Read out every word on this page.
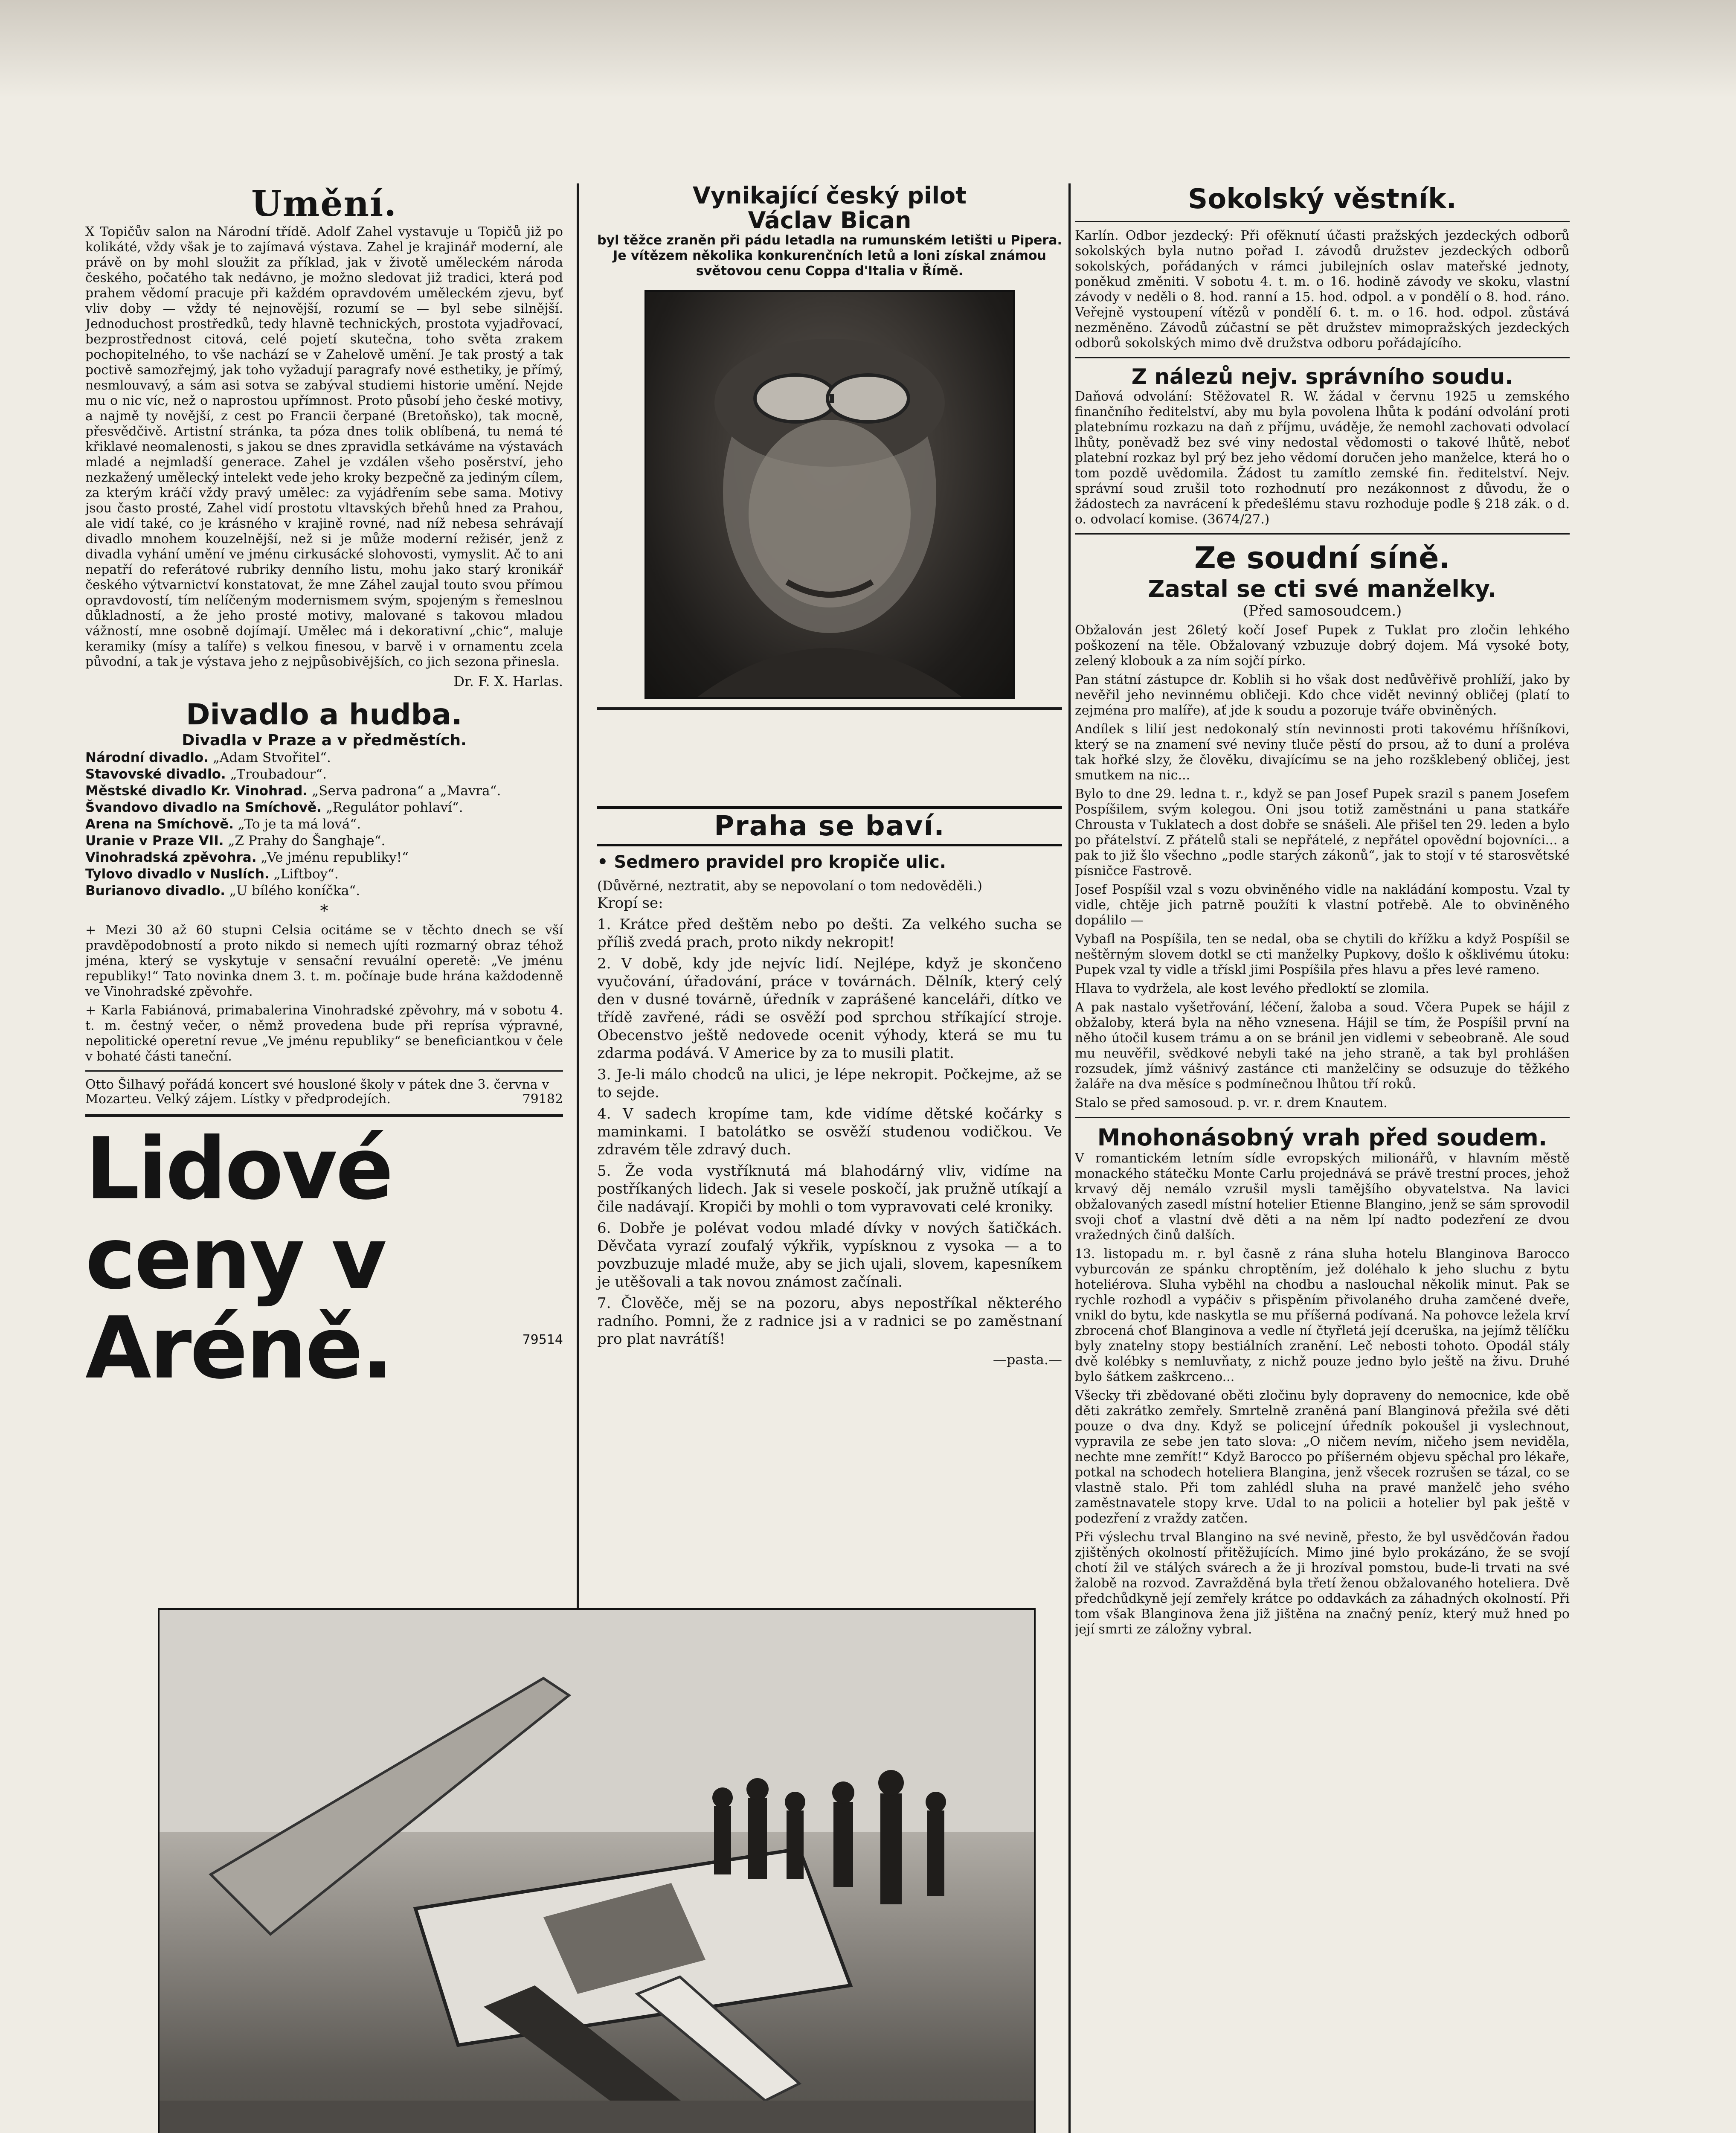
Umění.

X Topičův salon na Národní třídě. Adolf Zahel vystavuje u Topičů již po kolikáté, vždy však je to zajímavá výstava. Zahel je krajinář moderní, ale právě on by mohl sloužit za příklad, jak v životě uměleckém národa českého, počatého tak nedávno, je možno sledovat již tradici, která pod prahem vědomí pracuje při každém opravdovém uměleckém zjevu, byť vliv doby — vždy té nejnovější, rozumí se — byl sebe silnější. Jednoduchost prostředků, tedy hlavně technických, prostota vyjadřovací, bezprostřednost citová, celé pojetí skutečna, toho světa zrakem pochopitelného, to vše nachází se v Zahelově umění. Je tak prostý a tak poctivě samozřejmý, jak toho vyžadují paragrafy nové esthetiky, je přímý, nesmlouvavý, a sám asi sotva se zabýval studiemi historie umění. Nejde mu o nic víc, než o naprostou upřímnost. Proto působí jeho české motivy, a najmě ty novější, z cest po Francii čerpané (Bretoňsko), tak mocně, přesvědčivě. Artistní stránka, ta póza dnes tolik oblíbená, tu nemá té křiklavé neomalenosti, s jakou se dnes zpravidla setkáváme na výstavách mladé a nejmladší generace. Zahel je vzdálen všeho posěrství, jeho nezkažený umělecký intelekt vede jeho kroky bezpečně za jediným cílem, za kterým kráčí vždy pravý umělec: za vyjádřením sebe sama. Motivy jsou často prosté, Zahel vidí prostotu vltavských břehů hned za Prahou, ale vidí také, co je krásného v krajině rovné, nad níž nebesa sehrávají divadlo mnohem kouzelnější, než si je může moderní režisér, jenž z divadla vyhání umění ve jménu cirkusácké slohovosti, vymyslit. Ač to ani nepatří do referátové rubriky denního listu, mohu jako starý kronikář českého výtvarnictví konstatovat, že mne Záhel zaujal touto svou přímou opravdovostí, tím nelíčeným modernismem svým, spojeným s řemeslnou důkladností, a že jeho prosté motivy, malované s takovou mladou vážností, mne osobně dojímají. Umělec má i dekorativní „chic“, maluje keramiky (mísy a talíře) s velkou finesou, v barvě i v ornamentu zcela původní, a tak je výstava jeho z nejpůsobivějších, co jich sezona přinesla.

Dr. F. X. Harlas.
Divadlo a hudba.
Divadla v Praze a v předměstích.
Národní divadlo. „Adam Stvořitel“.
Stavovské divadlo. „Troubadour“.
Městské divadlo Kr. Vinohrad. „Serva padrona“ a „Mavra“.
Švandovo divadlo na Smíchově. „Regulátor pohlaví“.
Arena na Smíchově. „To je ta má lová“.
Uranie v Praze VII. „Z Prahy do Šanghaje“.
Vinohradská zpěvohra. „Ve jménu republiky!“
Tylovo divadlo v Nuslích. „Liftboy“.
Burianovo divadlo. „U bílého koníčka“.
*

+ Mezi 30 až 60 stupni Celsia ocitáme se v těchto dnech se vší pravděpodobností a proto nikdo si nemech ujíti rozmarný obraz téhož jména, který se vyskytuje v sensační revuální operetě: „Ve jménu republiky!“ Tato novinka dnem 3. t. m. počínaje bude hrána každodenně ve Vinohradské zpěvohře.

+ Karla Fabiánová, primabalerina Vinohradské zpěvohry, má v sobotu 4. t. m. čestný večer, o němž provedena bude při reprísa výpravné, nepolitické operetní revue „Ve jménu republiky“ se beneficiantkou v čele v bohaté části taneční.

Otto Šilhavý pořádá koncert své housloné školy v pátek dne 3. června v Mozarteu. Velký zájem. Lístky v předprodejích.	79182
Lidové ceny v
Aréně.	79514
Vynikající český pilot
Václav Bican
byl těžce zraněn při pádu letadla na rumunském letišti u Pipera. Je vítězem několika konkurenčních letů a loni získal známou světovou cenu Coppa d'Italia v Římě.
Praha se baví.
• Sedmero pravidel pro kropiče ulic.
(Důvěrné, neztratit, aby se nepovolaní o tom nedověděli.)

Kropí se:

1. Krátce před deštěm nebo po dešti. Za velkého sucha se příliš zvedá prach, proto nikdy nekropit!

2. V době, kdy jde nejvíc lidí. Nejlépe, když je skončeno vyučování, úřadování, práce v továrnách. Dělník, který celý den v dusné továrně, úředník v zaprášené kanceláři, dítko ve třídě zavřené, rádi se osvěží pod sprchou stříkající stroje. Obecenstvo ještě nedovede ocenit výhody, která se mu tu zdarma podává. V Americe by za to musili platit.

3. Je-li málo chodců na ulici, je lépe nekropit. Počkejme, až se to sejde.

4. V sadech kropíme tam, kde vidíme dětské kočárky s maminkami. I batolátko se osvěží studenou vodičkou. Ve zdravém těle zdravý duch.

5. Že voda vystříknutá má blahodárný vliv, vidíme na postříkaných lidech. Jak si vesele poskočí, jak pružně utíkají a čile nadávají. Kropiči by mohli o tom vypravovati celé kroniky.

6. Dobře je polévat vodou mladé dívky v nových šatičkách. Děvčata vyrazí zoufalý výkřik, vypísknou z vysoka — a to povzbuzuje mladé muže, aby se jich ujali, slovem, kapesníkem je utěšovali a tak novou známost začínali.

7. Člověče, měj se na pozoru, abys nepostříkal některého radního. Pomni, že z radnice jsi a v radnici se po zaměstnaní pro plat navrátíš!

—pasta.—
Sokolský věstník.

Karlín. Odbor jezdecký: Při ofěknutí účasti pražských jezdeckých odborů sokolských byla nutno pořad I. závodů družstev jezdeckých odborů sokolských, pořádaných v rámci jubilejních oslav mateřské jednoty, poněkud změniti. V sobotu 4. t. m. o 16. hodině závody ve skoku, vlastní závody v neděli o 8. hod. ranní a 15. hod. odpol. a v pondělí o 8. hod. ráno. Veřejně vystoupení vítězů v pondělí 6. t. m. o 16. hod. odpol. zůstává nezměněno. Závodů zúčastní se pět družstev mimopražských jezdeckých odborů sokolských mimo dvě družstva odboru pořádajícího.

Z nálezů nejv. správního soudu.

Daňová odvolání: Stěžovatel R. W. žádal v červnu 1925 u zemského finančního ředitelství, aby mu byla povolena lhůta k podání odvolání proti platebnímu rozkazu na daň z příjmu, uváděje, že nemohl zachovati odvolací lhůty, poněvadž bez své viny nedostal vědomosti o takové lhůtě, neboť platební rozkaz byl prý bez jeho vědomí doručen jeho manželce, která ho o tom pozdě uvědomila. Žádost tu zamítlo zemské fin. ředitelství. Nejv. správní soud zrušil toto rozhodnutí pro nezákonnost z důvodu, že o žádostech za navrácení k předešlému stavu rozhoduje podle § 218 zák. o d. o. odvolací komise. (3674/27.)

Ze soudní síně.
Zastal se cti své manželky.
(Před samosoudcem.)

Obžalován jest 26letý kočí Josef Pupek z Tuklat pro zločin lehkého poškození na těle. Obžalovaný vzbuzuje dobrý dojem. Má vysoké boty, zelený klobouk a za ním sojčí pírko.

Pan státní zástupce dr. Koblih si ho však dost nedůvěřivě prohlíží, jako by nevěřil jeho nevinnému obličeji. Kdo chce vidět nevinný obličej (platí to zejména pro malíře), ať jde k soudu a pozoruje tváře obviněných.

Andílek s lilií jest nedokonalý stín nevinnosti proti takovému hříšníkovi, který se na znamení své neviny tluče pěstí do prsou, až to duní a proléva tak hořké slzy, že člověku, divajícímu se na jeho rozšklebený obličej, jest smutkem na nic...

Bylo to dne 29. ledna t. r., když se pan Josef Pupek srazil s panem Josefem Pospíšilem, svým kolegou. Oni jsou totiž zaměstnáni u pana statkáře Chrousta v Tuklatech a dost dobře se snášeli. Ale přišel ten 29. leden a bylo po přátelství. Z přátelů stali se nepřátelé, z nepřátel opovědní bojovníci... a pak to již šlo všechno „podle starých zákonů“, jak to stojí v té starosvětské písničce Fastrově.

Josef Pospíšil vzal s vozu obviněného vidle na nakládání kompostu. Vzal ty vidle, chtěje jich patrně použíti k vlastní potřebě. Ale to obviněného dopálilo —

Vybafl na Pospíšila, ten se nedal, oba se chytili do křížku a když Pospíšil se neštěrným slovem dotkl se cti manželky Pupkovy, došlo k ošklivému útoku: Pupek vzal ty vidle a třískl jimi Pospíšila přes hlavu a přes levé rameno.

Hlava to vydržela, ale kost levého předloktí se zlomila.

A pak nastalo vyšetřování, léčení, žaloba a soud. Včera Pupek se hájil z obžaloby, která byla na něho vznesena. Hájil se tím, že Pospíšil první na něho útočil kusem trámu a on se bránil jen vidlemi v sebeobraně. Ale soud mu neuvěřil, svědkové nebyli také na jeho straně, a tak byl prohlášen rozsudek, jímž vášnivý zastánce cti manželčiny se odsuzuje do těžkého žaláře na dva měsíce s podmínečnou lhůtou tří roků.

Stalo se před samosoud. p. vr. r. drem Knautem.

Mnohonásobný vrah před soudem.

V romantickém letním sídle evropských milionářů, v hlavním městě monackého státečku Monte Carlu projednává se právě trestní proces, jehož krvavý děj nemálo vzrušil mysli tamějšího obyvatelstva. Na lavici obžalovaných zasedl místní hotelier Etienne Blangino, jenž se sám sprovodil svoji choť a vlastní dvě děti a na něm lpí nadto podezření ze dvou vražedných činů dalších.

13. listopadu m. r. byl časně z rána sluha hotelu Blanginova Barocco vyburcován ze spánku chroptěním, jež doléhalo k jeho sluchu z bytu hoteliérova. Sluha vyběhl na chodbu a naslouchal několik minut. Pak se rychle rozhodl a vypáčiv s přispěním přivolaného druha zamčené dveře, vnikl do bytu, kde naskytla se mu příšerná podívaná. Na pohovce ležela krví zbrocená choť Blanginova a vedle ní čtyřletá její dceruška, na jejímž tělíčku byly znatelny stopy bestiálních zranění. Leč nebosti tohoto. Opodál stály dvě kolébky s nemluvňaty, z nichž pouze jedno bylo ještě na živu. Druhé bylo šátkem zaškrceno...

Všecky tři zbědované oběti zločinu byly dopraveny do nemocnice, kde obě děti zakrátko zemřely. Smrtelně zraněná paní Blanginová přežila své děti pouze o dva dny. Když se policejní úředník pokoušel ji vyslechnout, vypravila ze sebe jen tato slova: „O ničem nevím, ničeho jsem neviděla, nechte mne zemřít!“ Když Barocco po příšerném objevu spěchal pro lékaře, potkal na schodech hoteliera Blangina, jenž všecek rozrušen se tázal, co se vlastně stalo. Při tom zahlédl sluha na pravé manželč jeho svého zaměstnavatele stopy krve. Udal to na policii a hotelier byl pak ještě v podezření z vraždy zatčen.

Při výslechu trval Blangino na své nevině, přesto, že byl usvědčován řadou zjištěných okolností přitěžujících. Mimo jiné bylo prokázáno, že se svojí chotí žil ve stálých svárech a že ji hrozíval pomstou, bude-li trvati na své žalobě na rozvod. Zavražděná byla třetí ženou obžalovaného hoteliera. Dvě předchůdkyně její zemřely krátce po oddavkách za záhadných okolností. Při tom však Blanginova žena již jištěna na značný peníz, který muž hned po její smrti ze záložny vybral.
